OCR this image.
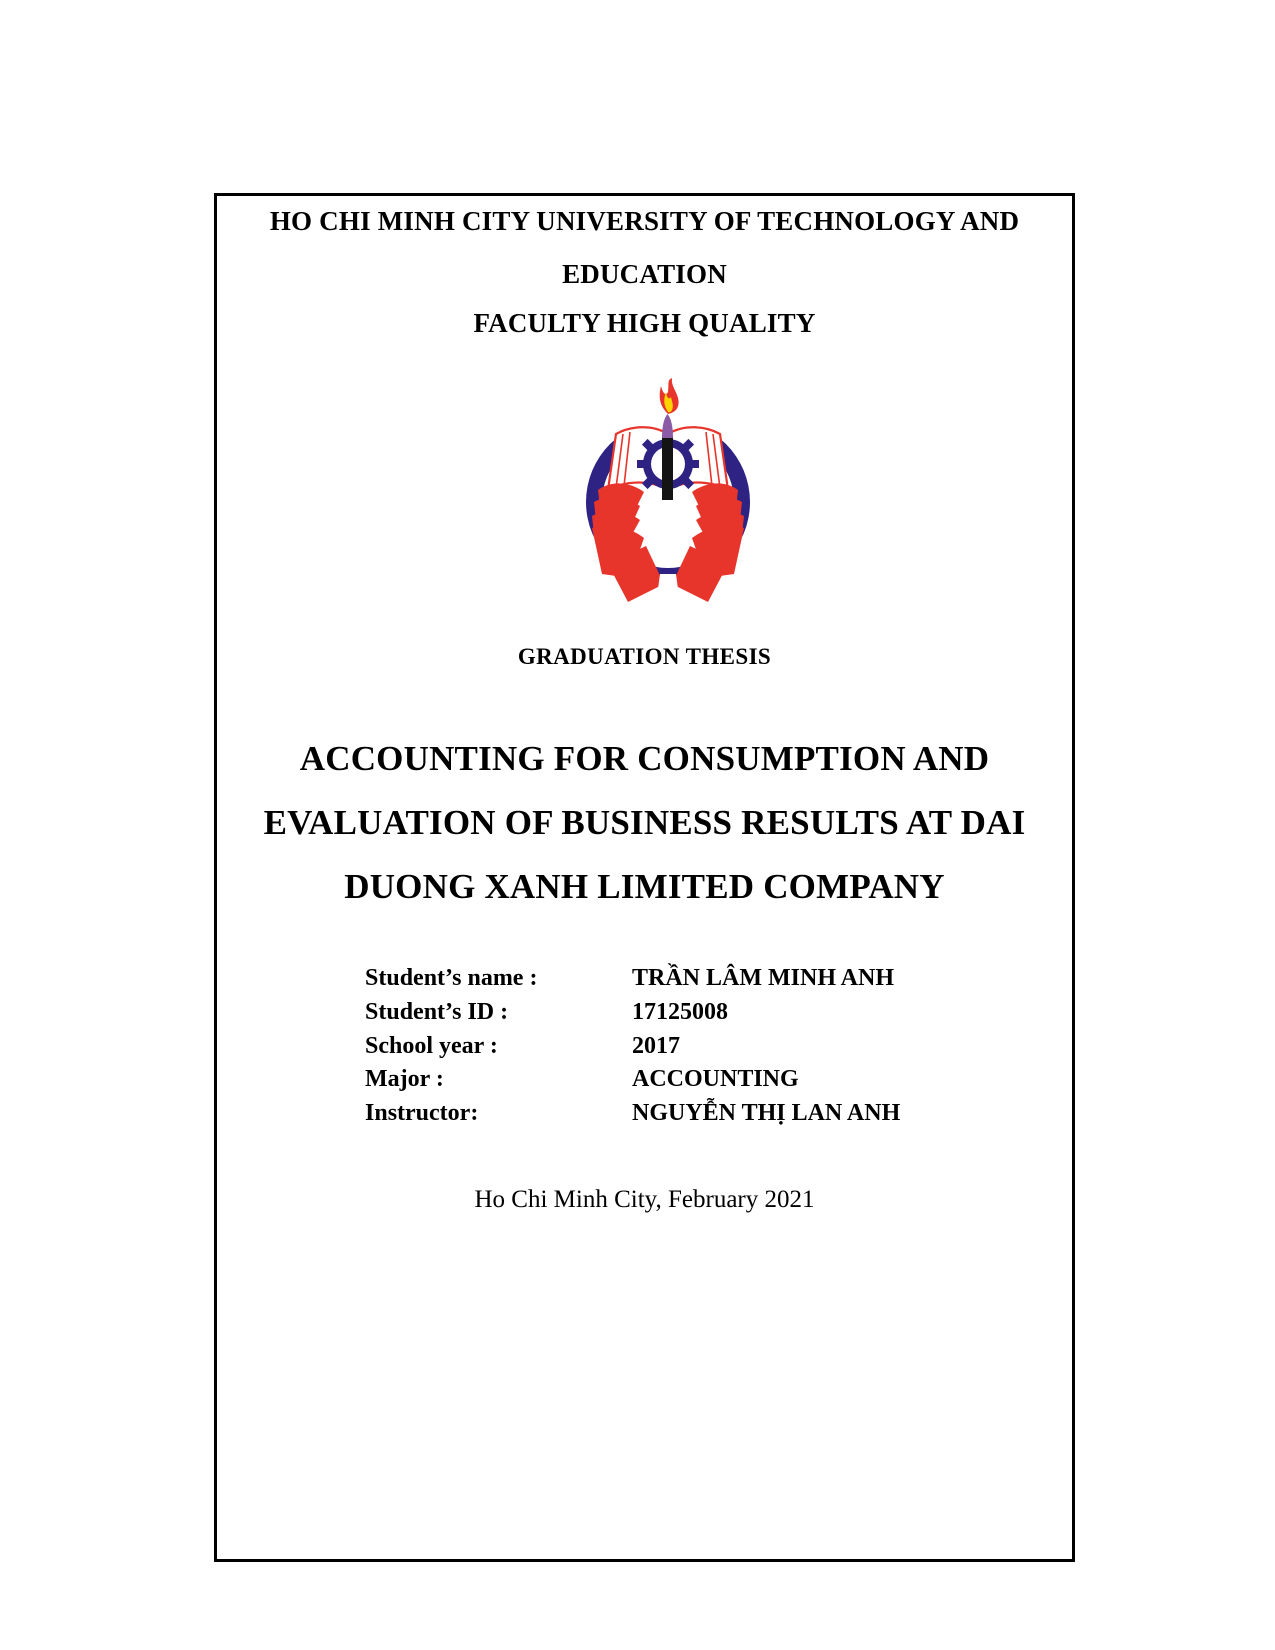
HO CHI MINH CITY UNIVERSITY OF TECHNOLOGY AND
EDUCATION
FACULTY HIGH QUALITY
GRADUATION THESIS
ACCOUNTING FOR CONSUMPTION AND
EVALUATION OF BUSINESS RESULTS AT DAI
DUONG XANH LIMITED COMPANY
Student’s name :	TRẦN LÂM MINH ANH
Student’s ID :	17125008
School year :	2017
Major :	ACCOUNTING
Instructor:	NGUYỄN THỊ LAN ANH
Ho Chi Minh City, February 2021
